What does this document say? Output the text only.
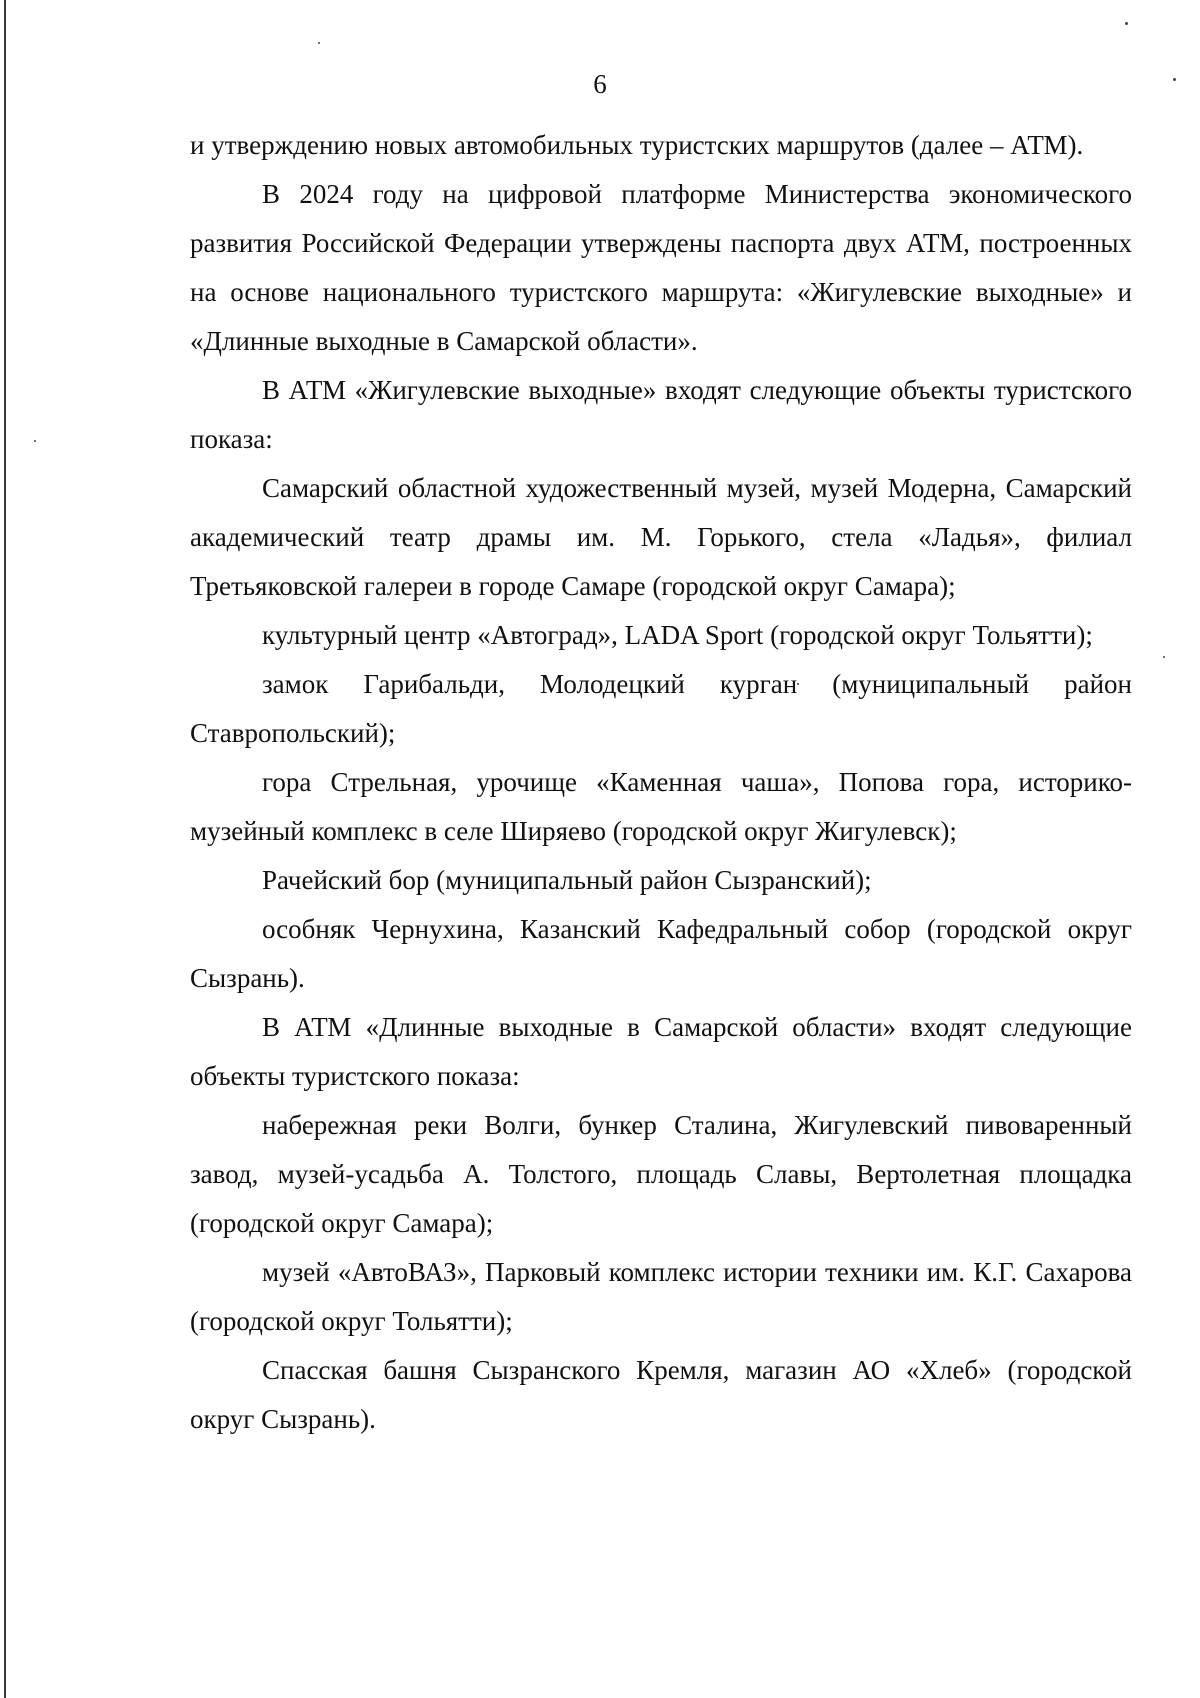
6

и утверждению новых автомобильных туристских маршрутов (далее – АТМ).

В 2024 году на цифровой платформе Министерства экономического развития Российской Федерации утверждены паспорта двух АТМ, построенных на основе национального туристского маршрута: «Жигулевские выходные» и «Длинные выходные в Самарской области».

В АТМ «Жигулевские выходные» входят следующие объекты туристского показа:

Самарский областной художественный музей, музей Модерна, Самарский академический театр драмы им. М. Горького, стела «Ладья», филиал Третьяковской галереи в городе Самаре (городской округ Самара);

культурный центр «Автоград», LADA Sport (городской округ Тольятти);

замок Гарибальди, Молодецкий курган (муниципальный район Ставропольский);

гора Стрельная, урочище «Каменная чаша», Попова гора, историко-музейный комплекс в селе Ширяево (городской округ Жигулевск);

Рачейский бор (муниципальный район Сызранский);

особняк Чернухина, Казанский Кафедральный собор (городской округ Сызрань).

В АТМ «Длинные выходные в Самарской области» входят следующие объекты туристского показа:

набережная реки Волги, бункер Сталина, Жигулевский пивоваренный завод, музей-усадьба А. Толстого, площадь Славы, Вертолетная площадка (городской округ Самара);

музей «АвтоВАЗ», Парковый комплекс истории техники им. К.Г. Сахарова (городской округ Тольятти);

Спасская башня Сызранского Кремля, магазин АО «Хлеб» (городской округ Сызрань).
